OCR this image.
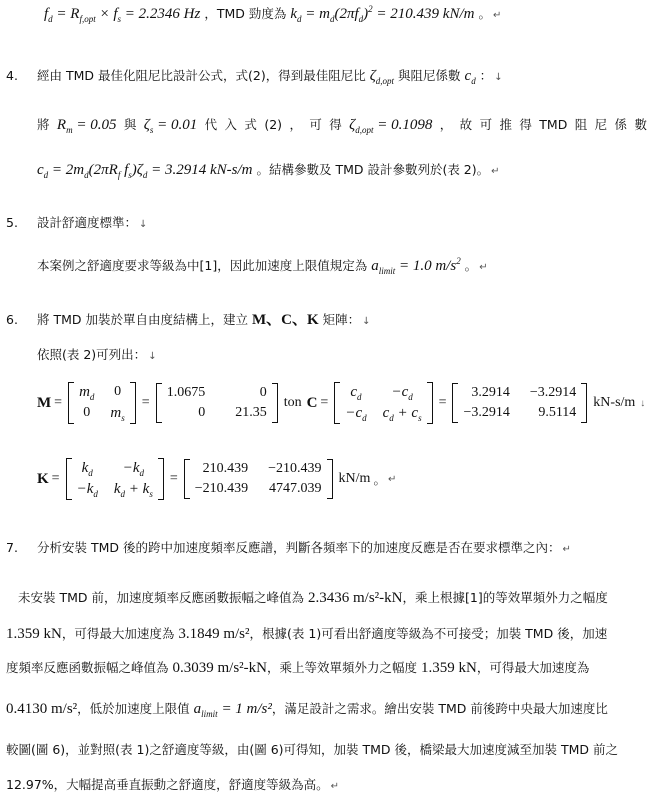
$f_d = R_{f,opt} \times f_s = 2.2346$ Hz ，TMD 勁度為 $k_d = m_d(2\pi f_d)^2 = 210.439$ kN/m 。 ↵
4. 經由 TMD 最佳化阻尼比設計公式，式(2)，得到最佳阻尼比 $\zeta_{d,opt}$ 與阻尼係數 $c_d$ ： ↓
將 $R_m = 0.05$ 與 $\zeta_s = 0.01$ 代 入 式 (2) ， 可 得 $\zeta_{d,opt} = 0.1098$ ， 故 可 推 得 TMD 阻 尼 係 數
$c_d = 2m_d(2\pi R_f$ $f_s)\zeta_d = 3.2914$ kN-s/m 。結構參數及 TMD 設計參數列於(表 2)。 ↵
5. 設計舒適度標準： ↓
本案例之舒適度要求等級為中[1]，因此加速度上限值規定為 $a_{limit} = 1.0$ $m/s^2$ 。 ↵
6. 將 TMD 加裝於單自由度結構上，建立 M、C、K 矩陣： ↓
依照(表 2)可列出： ↓
M =
$m_d$ 0
0 $m_s$
=
1.0675	0
0 21.35
ton C =
$c_d$	$-c_d$
$-c_d$ $c_d + c_s$
=
3.2914 −3.2914
−3.2914	9.5114
kN-s/m ↓
K =
$k_d$	$-k_d$
$-k_d$ $k_d + k_s$
=
210.439 −210.439
−210.439 4747.039
kN/m 。 ↵
7. 分析安裝 TMD 後的跨中加速度頻率反應譜，判斷各頻率下的加速度反應是否在要求標準之內： ↵
未安裝 TMD 前，加速度頻率反應函數振幅之峰值為 2.3436 m/s²-kN，乘上根據[1]的等效單頻外力之幅度
1.359 kN，可得最大加速度為 3.1849 m/s²，根據(表 1)可看出舒適度等級為不可接受；加裝 TMD 後，加速
度頻率反應函數振幅之峰值為 0.3039 m/s²-kN，乘上等效單頻外力之幅度 1.359 kN，可得最大加速度為
0.4130 m/s²，低於加速度上限值 $a_{limit} = 1$ m/s²，滿足設計之需求。繪出安裝 TMD 前後跨中央最大加速度比
較圖(圖 6)，並對照(表 1)之舒適度等級，由(圖 6)可得知，加裝 TMD 後，橋梁最大加速度減至加裝 TMD 前之
12.97%，大幅提高垂直振動之舒適度，舒適度等級為高。 ↵
